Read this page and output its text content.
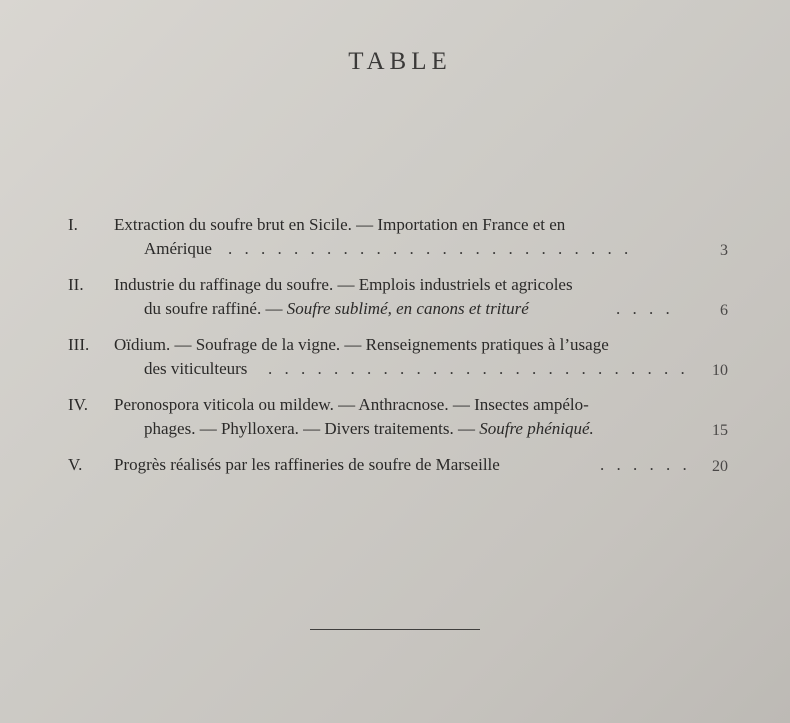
TABLE
I.	Extraction du soufre brut en Sicile. — Importation en France et en
Amérique . . . . . . . . . . . . . . . . . . . . . . . . .	3
II.	Industrie du raffinage du soufre. — Emplois industriels et agricoles
du soufre raffiné. — Soufre sublimé, en canons et trituré	. . . .	6
III.	Oïdium. — Soufrage de la vigne. — Renseignements pratiques à l’usage
des viticulteurs . . . . . . . . . . . . . . . . . . . . . . . . . .	10
IV.	Peronospora viticola ou mildew. — Anthracnose. — Insectes ampélo-
phages. — Phylloxera. — Divers traitements. — Soufre phéniqué.	15
V.	Progrès réalisés par les raffineries de soufre de Marseille	. . . . . .	20
